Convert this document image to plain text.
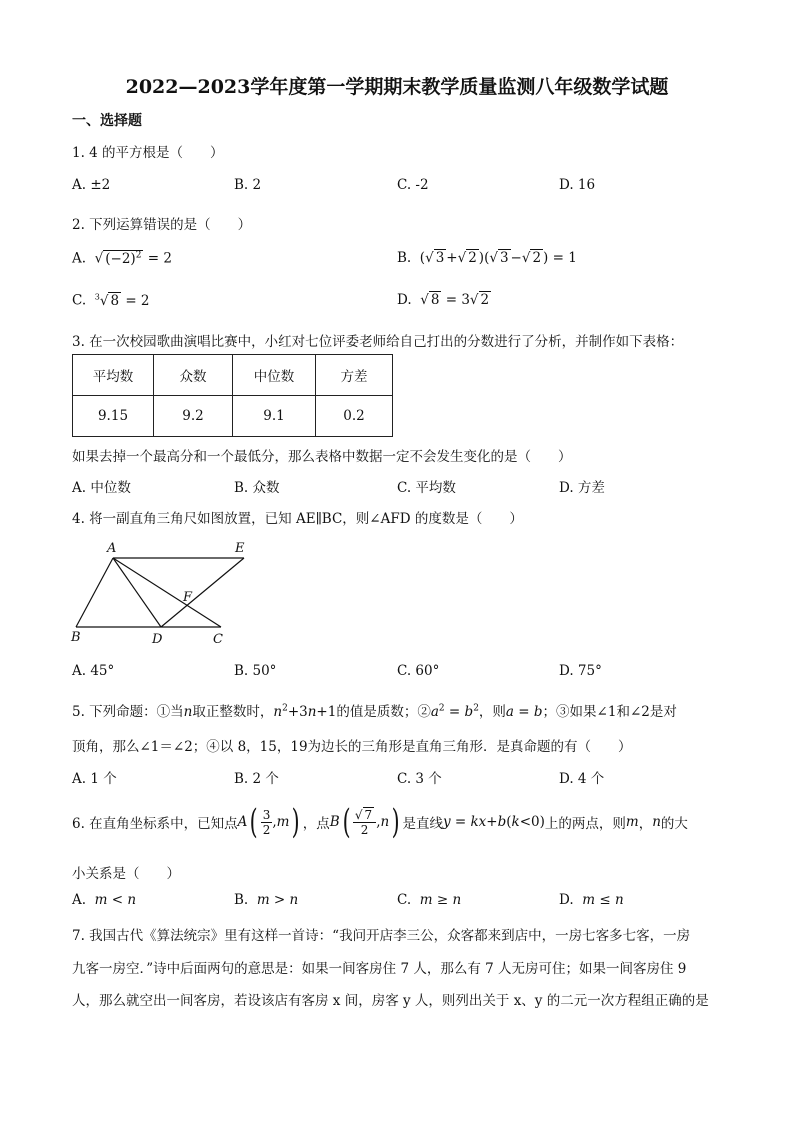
2022—2023学年度第一学期期末教学质量监测八年级数学试题
一、选择题
1. 4 的平方根是（　　）
A. ±2	B. 2	C. -2	D. 16
2. 下列运算错误的是（　　）
A.  √ $(-2)^2 = 2$	B.  (√ 3 +√ 2 )(√ 3 −√ 2 ) = 1
C. $^3$√ 8 = 2	D.  √ 8 = 3√ 2
3. 在一次校园歌曲演唱比赛中，小红对七位评委老师给自己打出的分数进行了分析，并制作如下表格：
平均数	众数	中位数	方差
9.15	9.2	9.1	0.2
如果去掉一个最高分和一个最低分，那么表格中数据一定不会发生变化的是（　　）
A. 中位数	B. 众数	C. 平均数	D. 方差
4. 将一副直角三角尺如图放置，已知 AE∥BC，则∠AFD 的度数是（　　）
A	E
F
B	D	C
A. 45°	B. 50°	C. 60°	D. 75°
5. 下列命题：①当n取正整数时，$n^2+3n+1$的值是质数；$②a^2 = b^2$，则a = b；③如果∠1和∠2是对
顶角，那么∠1＝∠2；④以 8，15，19为边长的三角形是直角三角形．是真命题的有（　　）
A. 1 个	B. 2 个	C. 3 个	D. 4 个
6. 在直角坐标系中，已知点 A ( $\frac{3}{2}$ , m ) ，点 B ( $\frac{√ 7}{2}$ , n ) 是直线 y = kx+b(k<0) 上的两点，则 m ， n 的大
小关系是（　　）
A. m < n	B. m > n	C. m ≥ n	D. m ≤ n
7. 我国古代《算法统宗》里有这样一首诗：“我问开店李三公，众客都来到店中，一房七客多七客，一房
九客一房空．”诗中后面两句的意思是：如果一间客房住 7 人，那么有 7 人无房可住；如果一间客房住 9
人，那么就空出一间客房，若设该店有客房 x 间，房客 y 人，则列出关于 x、y 的二元一次方程组正确的是
